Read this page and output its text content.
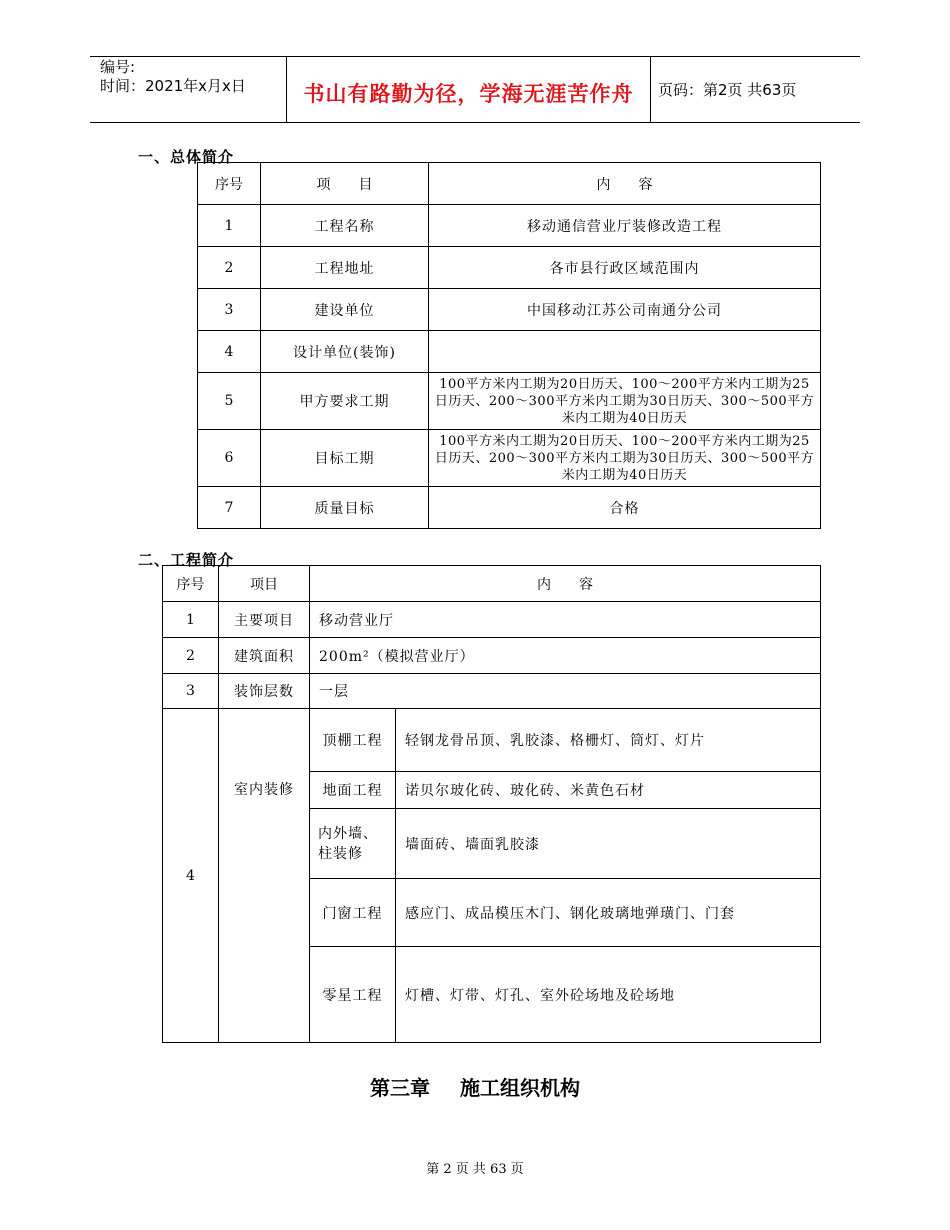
编号:
时间：2021年x月x日	书山有路勤为径，学海无涯苦作舟	页码：第2页 共63页
一、总体简介
序号	项　　目	内　　容
1	工程名称	移动通信营业厅装修改造工程
2	工程地址	各市县行政区域范围内
3	建设单位	中国移动江苏公司南通分公司
4	设计单位(装饰)	
5	甲方要求工期	100平方米内工期为20日历天、100～200平方米内工期为25日历天、200～300平方米内工期为30日历天、300～500平方米内工期为40日历天
6	目标工期	100平方米内工期为20日历天、100～200平方米内工期为25日历天、200～300平方米内工期为30日历天、300～500平方米内工期为40日历天
7	质量目标	合格
二、工程简介
序号	项目	内　　容	
1	主要项目	移动营业厅	
2	建筑面积	200m²（模拟营业厅）	
3	装饰层数	一层	
4	室内装修	顶棚工程	轻钢龙骨吊顶、乳胶漆、格栅灯、筒灯、灯片
		地面工程	诺贝尔玻化砖、玻化砖、米黄色石材
		内外墙、柱装修	墙面砖、墙面乳胶漆
		门窗工程	感应门、成品模压木门、钢化玻璃地弹璜门、门套
		零星工程	灯槽、灯带、灯孔、室外砼场地及砼场地
第三章 施工组织机构
第 2 页 共 63 页
